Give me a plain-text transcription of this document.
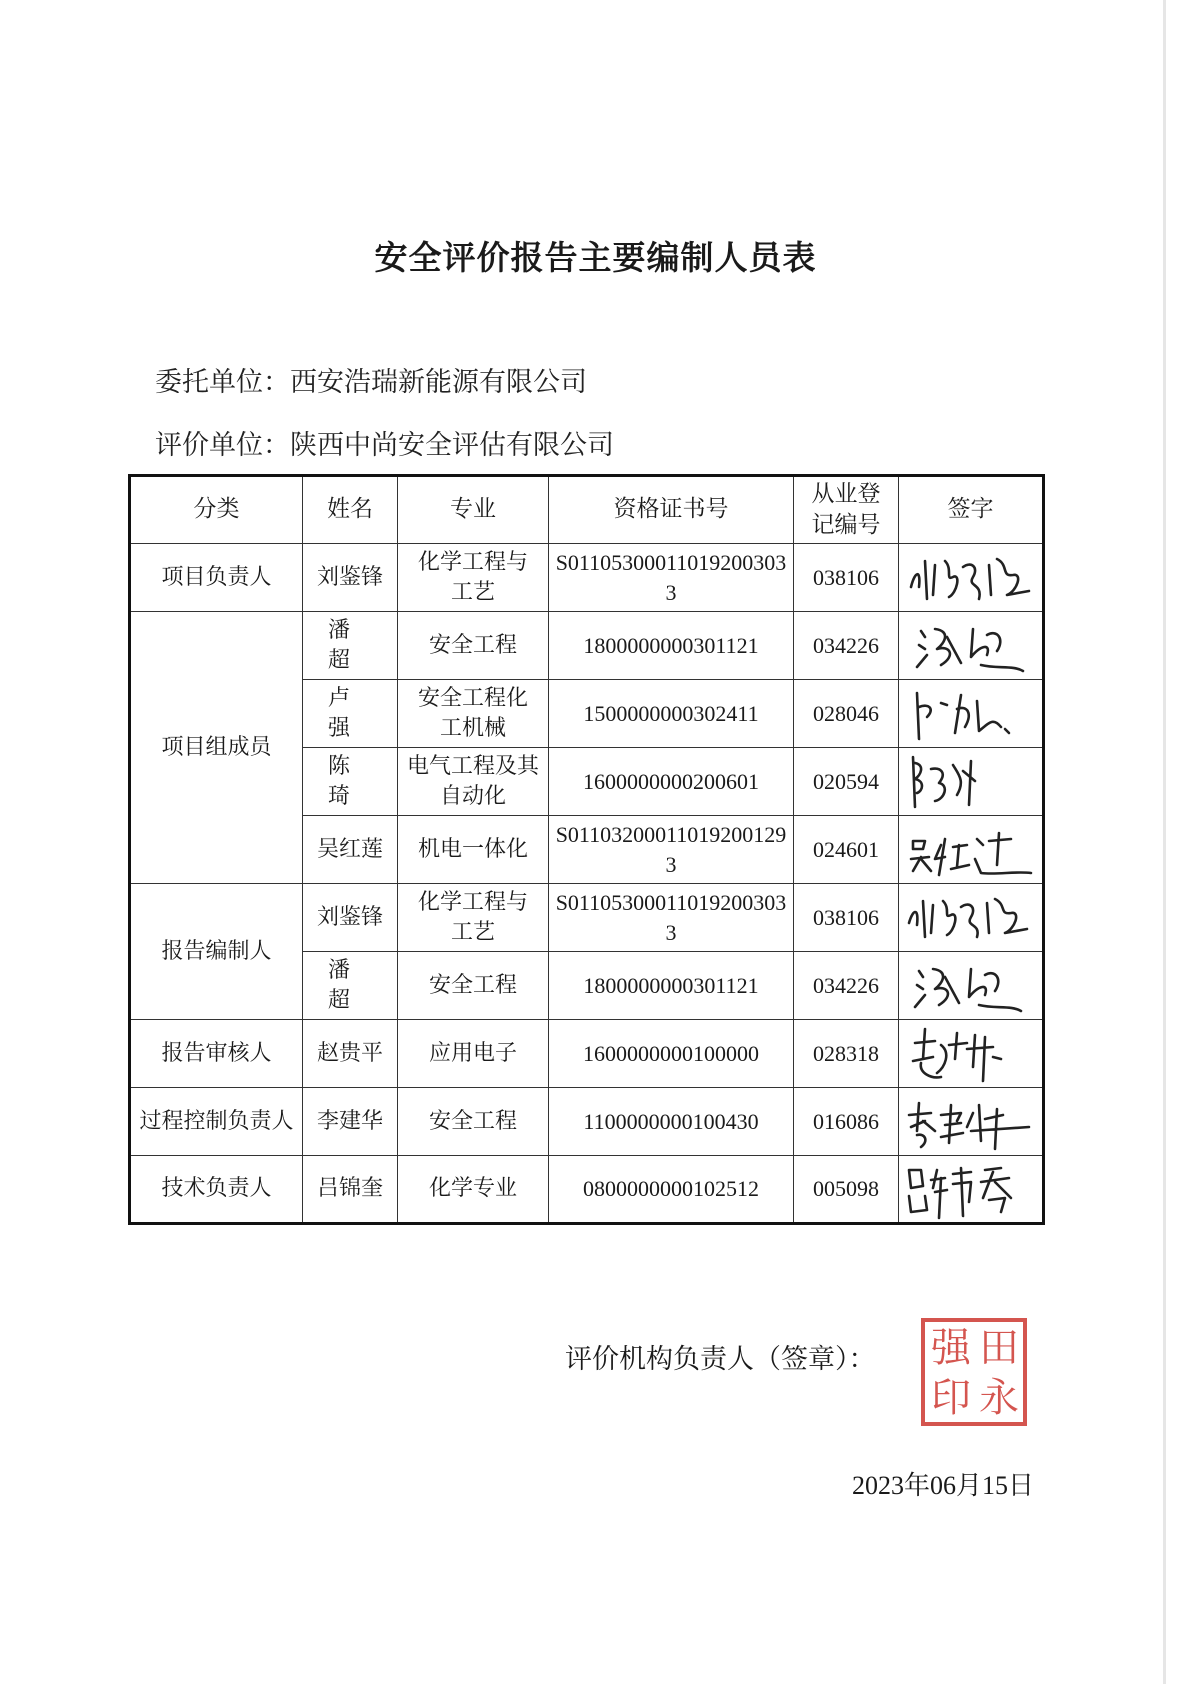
安全评价报告主要编制人员表
委托单位：西安浩瑞新能源有限公司
评价单位：陕西中尚安全评估有限公司
分类	姓名	专业	资格证书号	从业登记编号	签字
项目负责人	刘鉴锋	化学工程与工艺	S011053000110192003033	038106	

项目组成员	潘超	安全工程	1800000000301121	034226	

	卢强	安全工程化工机械	1500000000302411	028046	

	陈琦	电气工程及其自动化	1600000000200601	020594	

	吴红莲	机电一体化	S011032000110192001293	024601	

报告编制人	刘鉴锋	化学工程与工艺	S011053000110192003033	038106	

	潘超	安全工程	1800000000301121	034226	

报告审核人	赵贵平	应用电子	1600000000100000	028318	

过程控制负责人	李建华	安全工程	1100000000100430	016086	

技术负责人	吕锦奎	化学专业	0800000000102512	005098	
评价机构负责人（签章）： 强 田
印 永
2023年06月15日
